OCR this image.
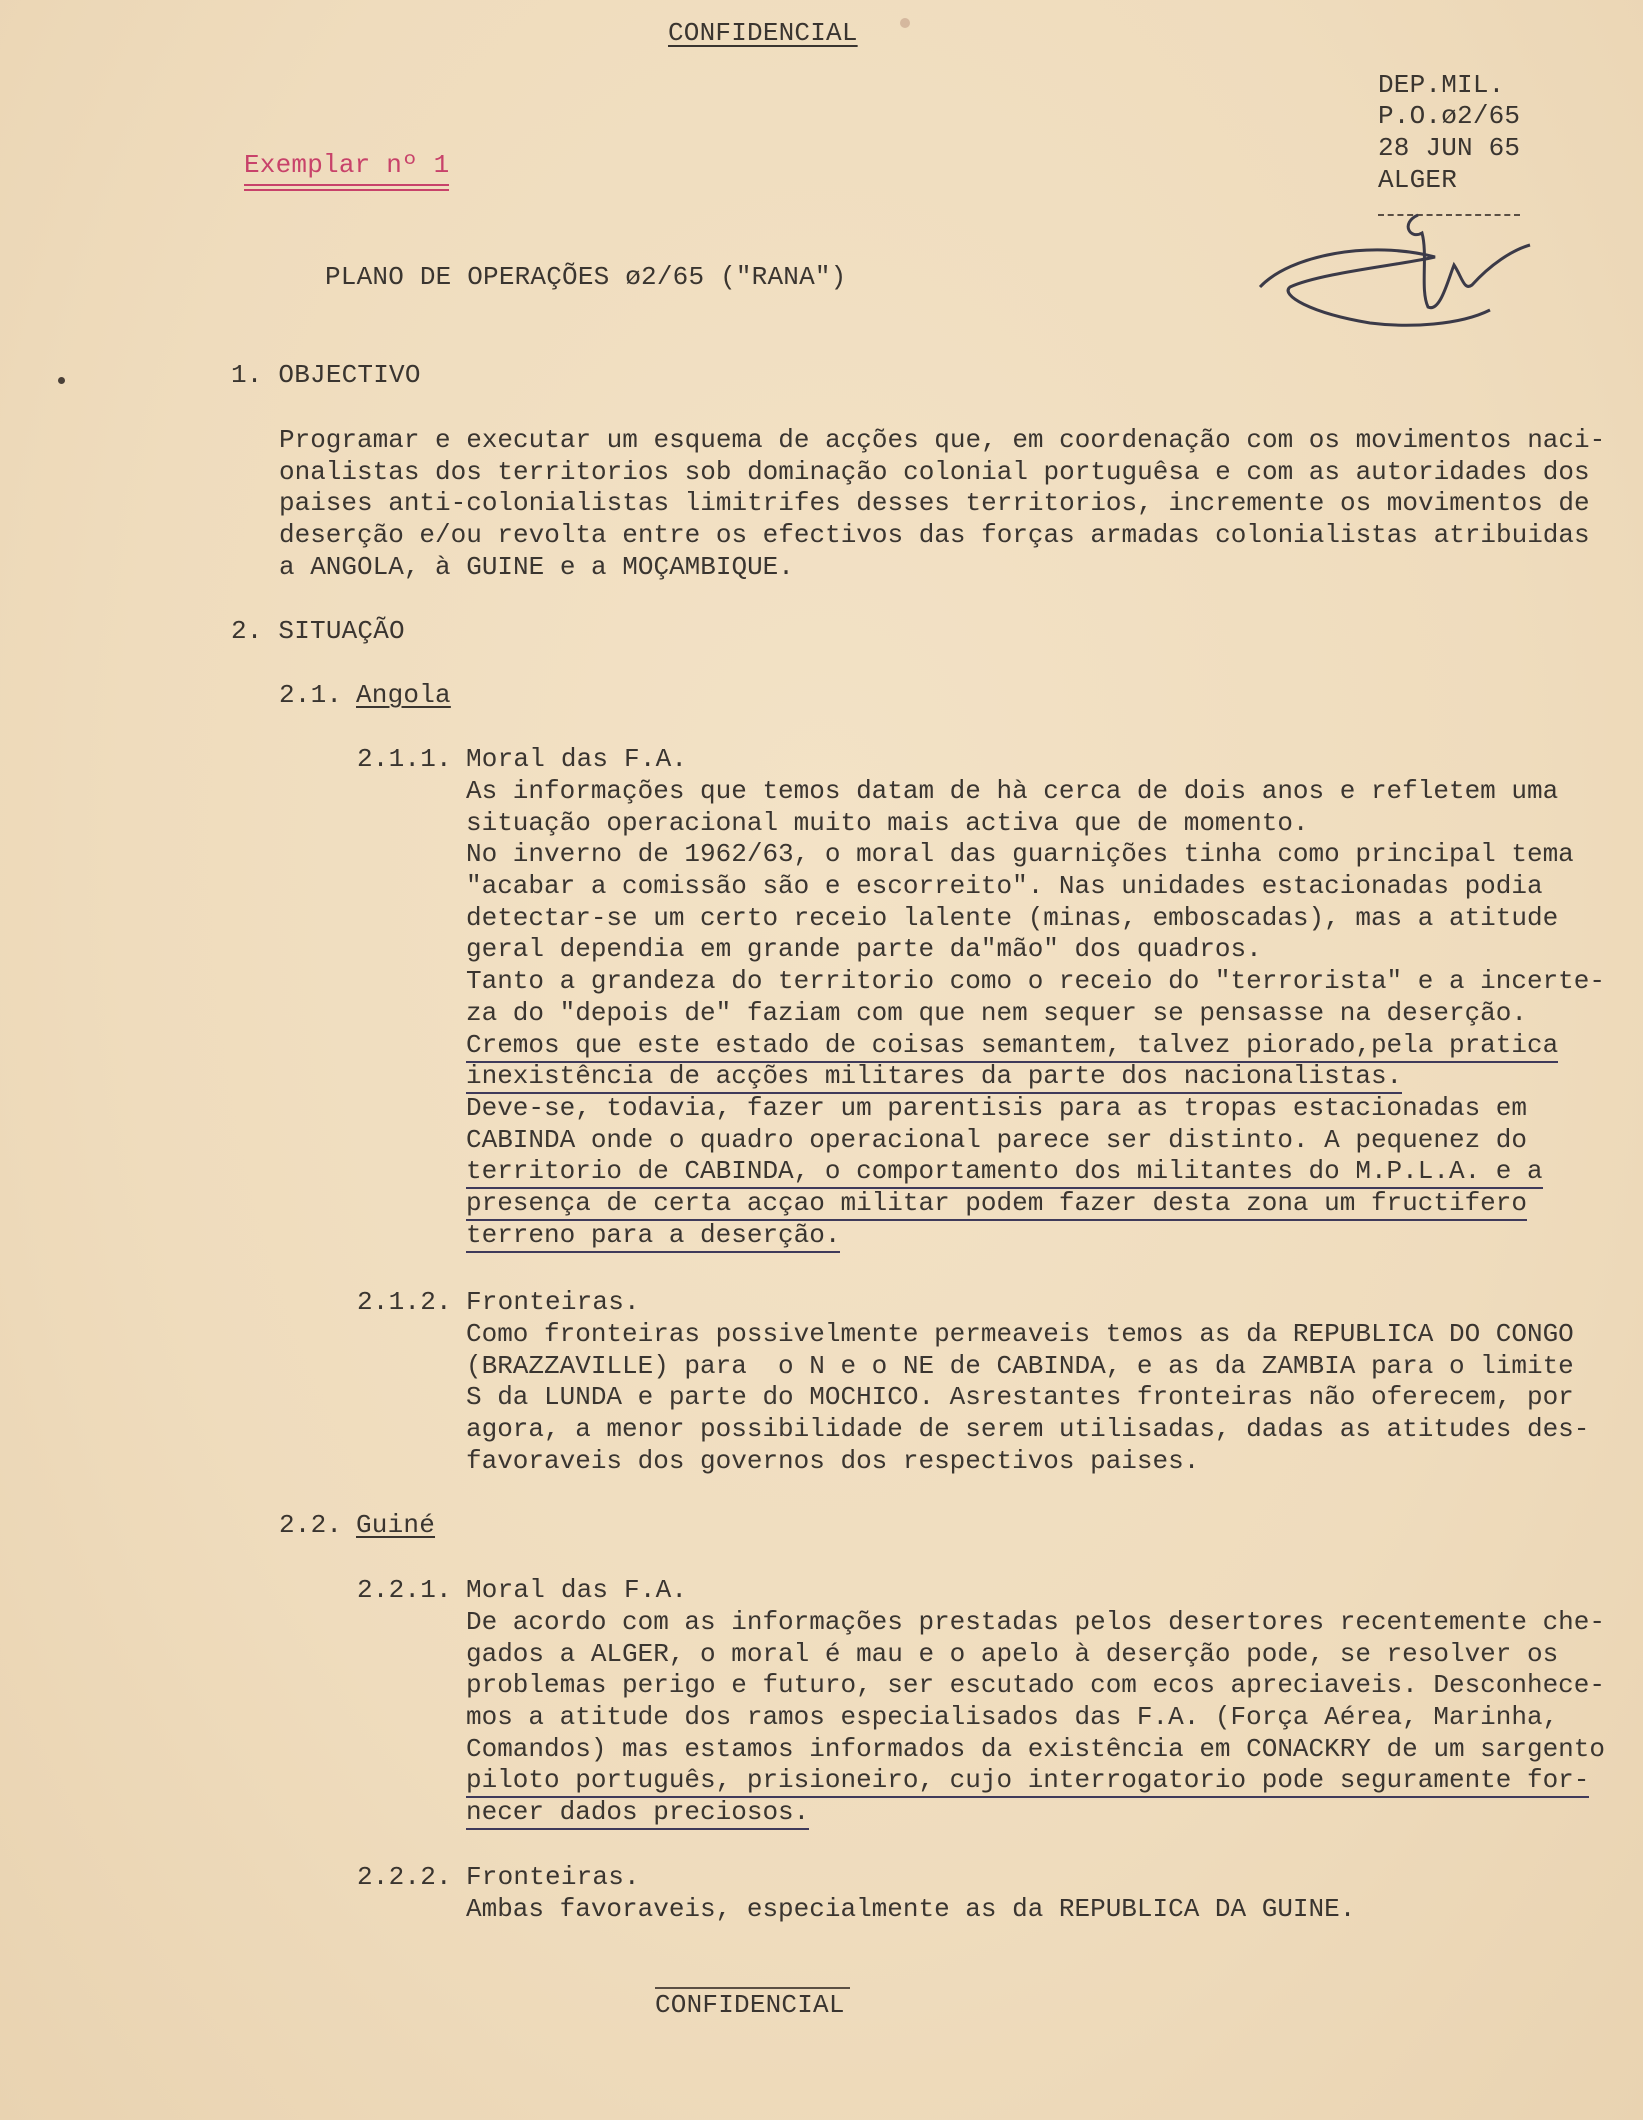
CONFIDENCIAL
DEP.MIL.
P.O.ø2/65
28 JUN 65
ALGER
Exemplar nº 1
PLANO DE OPERAÇÕES ø2/65 ("RANA")
1. OBJECTIVO
Programar e executar um esquema de acções que, em coordenação com os movimentos naci-
onalistas dos territorios sob dominação colonial portuguêsa e com as autoridades dos
paises anti-colonialistas limitrifes desses territorios, incremente os movimentos de
deserção e/ou revolta entre os efectivos das forças armadas colonialistas atribuidas
a ANGOLA, à GUINE e a MOÇAMBIQUE.
2. SITUAÇÃO
2.1. Angola
2.1.1. Moral das F.A.
As informações que temos datam de hà cerca de dois anos e refletem uma
situação operacional muito mais activa que de momento.
No inverno de 1962/63, o moral das guarnições tinha como principal tema
"acabar a comissão são e escorreito". Nas unidades estacionadas podia
detectar-se um certo receio lalente (minas, emboscadas), mas a atitude
geral dependia em grande parte da"mão" dos quadros.
Tanto a grandeza do territorio como o receio do "terrorista" e a incerte-
za do "depois de" faziam com que nem sequer se pensasse na deserção.
Cremos que este estado de coisas semantem, talvez piorado,pela pratica
inexistência de acções militares da parte dos nacionalistas.
Deve-se, todavia, fazer um parentisis para as tropas estacionadas em
CABINDA onde o quadro operacional parece ser distinto. A pequenez do
territorio de CABINDA, o comportamento dos militantes do M.P.L.A. e a
presença de certa acçao militar podem fazer desta zona um fructifero
terreno para a deserção.
2.1.2. Fronteiras.
Como fronteiras possivelmente permeaveis temos as da REPUBLICA DO CONGO
(BRAZZAVILLE) para  o N e o NE de CABINDA, e as da ZAMBIA para o limite
S da LUNDA e parte do MOCHICO. Asrestantes fronteiras não oferecem, por
agora, a menor possibilidade de serem utilisadas, dadas as atitudes des-
favoraveis dos governos dos respectivos paises.
2.2. Guiné
2.2.1. Moral das F.A.
De acordo com as informações prestadas pelos desertores recentemente che-
gados a ALGER, o moral é mau e o apelo à deserção pode, se resolver os
problemas perigo e futuro, ser escutado com ecos apreciaveis. Desconhece-
mos a atitude dos ramos especialisados das F.A. (Força Aérea, Marinha,
Comandos) mas estamos informados da existência em CONACKRY de um sargento
piloto português, prisioneiro, cujo interrogatorio pode seguramente for-
necer dados preciosos.
2.2.2. Fronteiras.
Ambas favoraveis, especialmente as da REPUBLICA DA GUINE.
CONFIDENCIAL
